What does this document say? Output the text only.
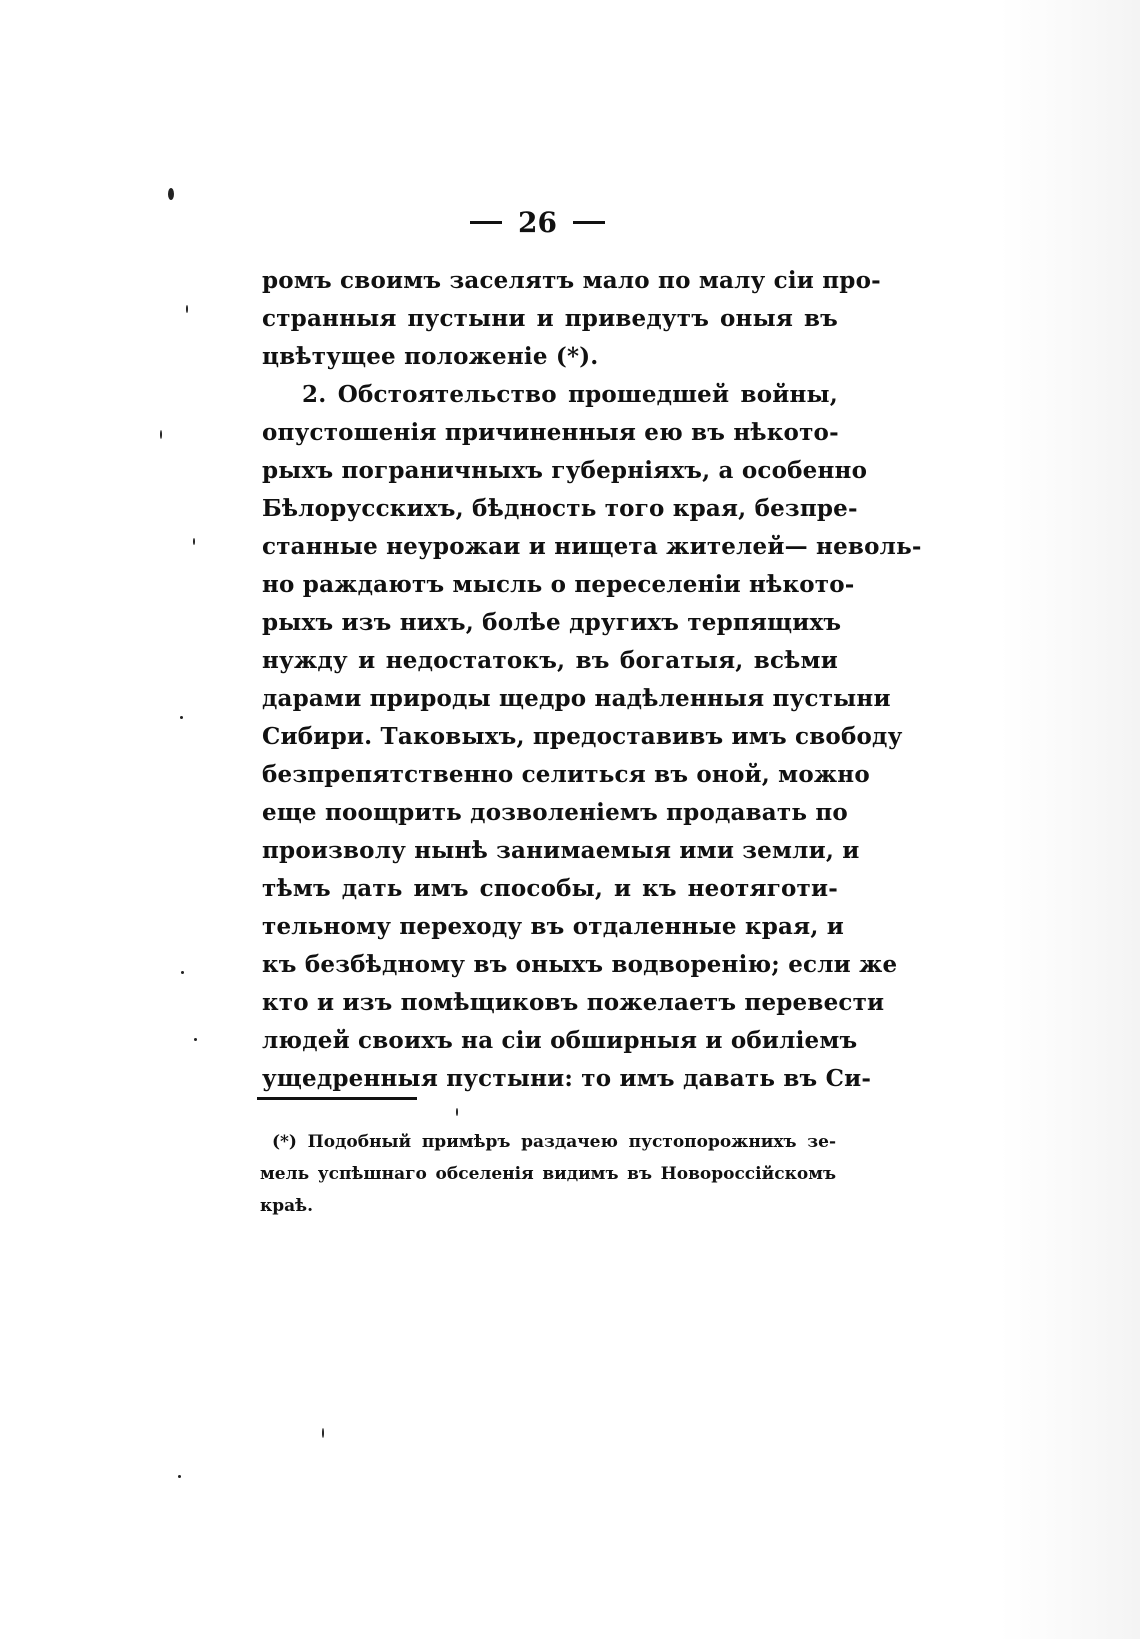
26
ромъ своимъ заселятъ мало по малу сіи про-
странныя пустыни и приведутъ оныя въ
цвѣтущее положеніе (*).
2. Обстоятельство прошедшей войны,
опустошенія причиненныя ею въ нѣкото-
рыхъ пограничныхъ губерніяхъ, а особенно
Бѣлорусскихъ, бѣдность того края, безпре-
станные неурожаи и нищета жителей— неволь-
но раждаютъ мысль о переселеніи нѣкото-
рыхъ изъ нихъ, болѣе другихъ терпящихъ
нужду и недостатокъ, въ богатыя, всѣми
дарами природы щедро надѣленныя пустыни
Сибири. Таковыхъ, предоставивъ имъ свободу
безпрепятственно селиться въ оной, можно
еще поощрить дозволеніемъ продавать по
произволу нынѣ занимаемыя ими земли, и
тѣмъ дать имъ способы, и къ неотяготи-
тельному переходу въ отдаленные края, и
къ безбѣдному въ оныхъ водворенію; если же
кто и изъ помѣщиковъ пожелаетъ перевести
людей своихъ на сіи обширныя и обиліемъ
ущедренныя пустыни: то имъ давать въ Си-
(*) Подобный примѣръ раздачею пустопорожнихъ зе-
мель успѣшнаго обселенія видимъ въ Новороссійскомъ
краѣ.
